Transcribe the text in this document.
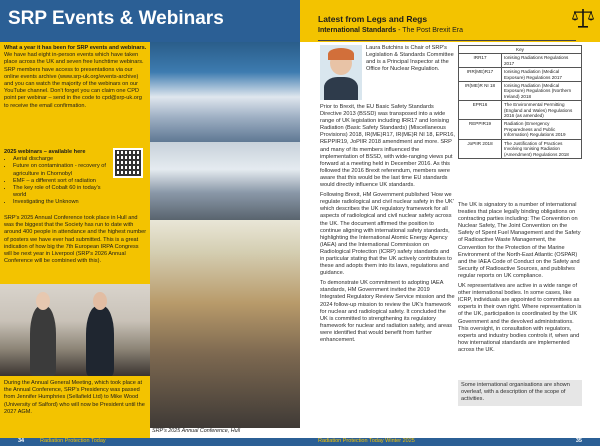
SRP Events & Webinars

What a year it has been for SRP events and webinars. We have had eight in-person events which have taken place across the UK and seven free lunchtime webinars. SRP members have access to presentations via our online events archive (www.srp-uk.org/events-archive) and you can watch the majority of the webinars on our YouTube channel. Don't forget you can claim one CPD point per webinar – send in the code to cpd@srp-uk.org to receive the email confirmation.

2025 webinars – available here

• Aerial discharge
• Future on contamination - recovery of agriculture in Chornobyl
• EMF – a different sort of radiation
• The key role of Cobalt 60 in today's world
• Investigating the Unknown

SRP's 2025 Annual Conference took place in Hull and was the biggest that the Society has run to date with around 400 people in attendance and the highest number of posters we have ever had submitted. This is a great indication of how big the 7th European IRPA Congress will be next year in Liverpool (SRP's 2026 Annual Conference will be combined with this).

During the Annual General Meeting, which took place at the Annual Conference, SRP's Presidency was passed from Jennifer Humphries (Sellafield Ltd) to Mike Wood (University of Salford) who will now be President until the 2027 AGM.

SRP's 2025 Annual Conference, Hull
34	Radiation Protection Today
Latest from Legs and Regs
International Standards - The Post Brexit Era
Laura Butchins is Chair of SRP's Legislation & Standards Committee and is a Principal Inspector at the Office for Nuclear Regulation.

Prior to Brexit, the EU Basic Safety Standards Directive 2013 (BSSD) was transposed into a wide range of UK legislation including IRR17 and Ionising Radiation (Basic Safety Standards) (Miscellaneous Provisions) 2018, IR(ME)R17, IR(ME)R NI 18, EPR16, REPPIR19, JoPIIR 2018 amendment and more. SRP and many of its members influenced the implementation of BSSD, with wide-ranging views put forward at a meeting held in December 2016. As this followed the 2016 Brexit referendum, members were aware that this would be the last time EU standards would directly influence UK standards.

Following Brexit, HM Government published 'How we regulate radiological and civil nuclear safety in the UK' which describes the UK regulatory framework for all aspects of radiological and civil nuclear safety across the UK. The document affirmed the position to continue aligning with international safety standards, highlighting the International Atomic Energy Agency (IAEA) and the International Commission on Radiological Protection (ICRP) safety standards and in particular stating that the UK actively contributes to these and adopts them into its laws, regulations and guidance.

To demonstrate UK commitment to adopting IAEA standards, HM Government invited the 2019 Integrated Regulatory Review Service mission and the 2024 follow-up mission to review the UK's framework for nuclear and radiological safety. It concluded the UK is committed to strengthening its regulatory framework for nuclear and radiation safety, and areas were identified that would benefit from further enhancement.

Key	
IRR17	Ionising Radiations Regulations 2017
IRR(ME)R17	Ionising Radiation (Medical Exposure) Regulations 2017
IR(ME)R NI 18	Ionising Radiation (Medical Exposure) Regulations (Northern Ireland) 2018
EPR16	The Environmental Permitting (England and Wales) Regulations 2016 (as amended)
REPPIR19	Radiation (Emergency Preparedness and Public Information) Regulations 2019
JoPIIR 2018	The Justification of Practices Involving Ionising Radiation (Amendment) Regulations 2018

The UK is signatory to a number of international treaties that place legally binding obligations on contracting parties including: The Convention on Nuclear Safety, The Joint Convention on the Safety of Spent Fuel Management and the Safety of Radioactive Waste Management, the Convention for the Protection of the Marine Environment of the North-East Atlantic (OSPAR) and the IAEA Code of Conduct on the Safety and Security of Radioactive Sources, and publishes regular reports on UK compliance.

UK representatives are active in a wide range of other international bodies. In some cases, like ICRP, individuals are appointed to committees as experts in their own right. Where representation is of the UK, participation is coordinated by the UK Government and the devolved administrations. This oversight, in consultation with regulators, experts and industry bodies controls if, when and how international standards are implemented across the UK.

Some international organisations are shown overleaf, with a description of the scope of activities.
Radiation Protection Today Winter 2025	35
